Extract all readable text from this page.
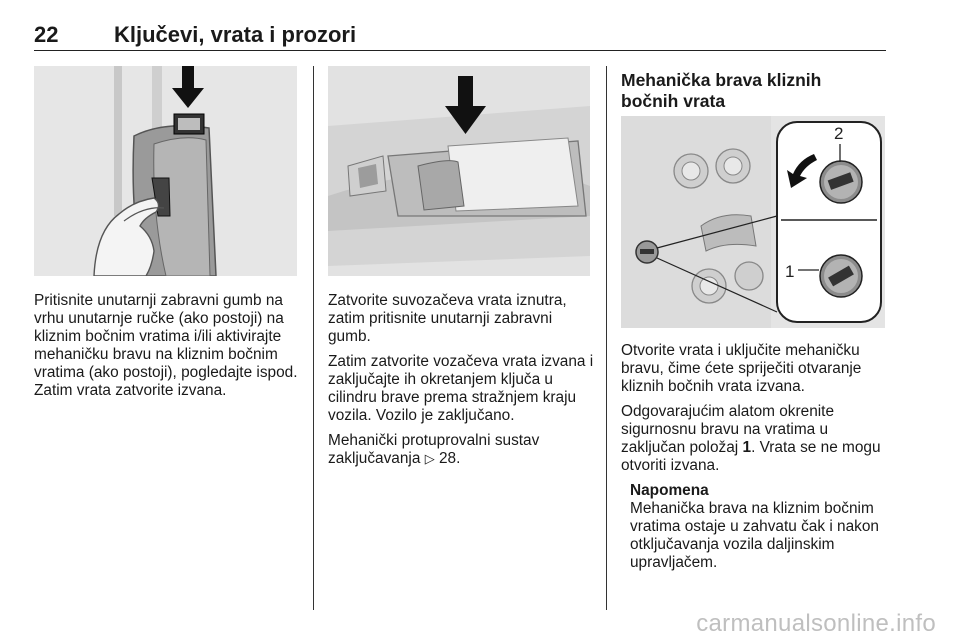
22	Ključevi, vrata i prozori
Pritisnite unutarnji zabravni gumb na vrhu unutarnje ručke (ako postoji) na kliznim bočnim vratima i/ili aktivirajte mehaničku bravu na kliznim bočnim vratima (ako postoji), pogledajte ispod. Zatim vrata zatvorite izvana.

Zatvorite suvozačeva vrata iznutra, zatim pritisnite unutarnji zabravni gumb.

Zatim zatvorite vozačeva vrata izvana i zaključajte ih okretanjem ključa u cilindru brave prema stražnjem kraju vozila. Vozilo je zaključano.

Mehanički protuprovalni sustav zaključavanja ▷ 28.

Mehanička brava kliznih bočnih vrata
2
1

Otvorite vrata i uključite mehaničku bravu, čime ćete spriječiti otvaranje kliznih bočnih vrata izvana.

Odgovarajućim alatom okrenite sigurnosnu bravu na vratima u zaključan položaj 1. Vrata se ne mogu otvoriti izvana.

Napomena
Mehanička brava na kliznim bočnim vratima ostaje u zahvatu čak i nakon otključavanja vozila daljinskim upravljačem.
carmanualsonline.info
